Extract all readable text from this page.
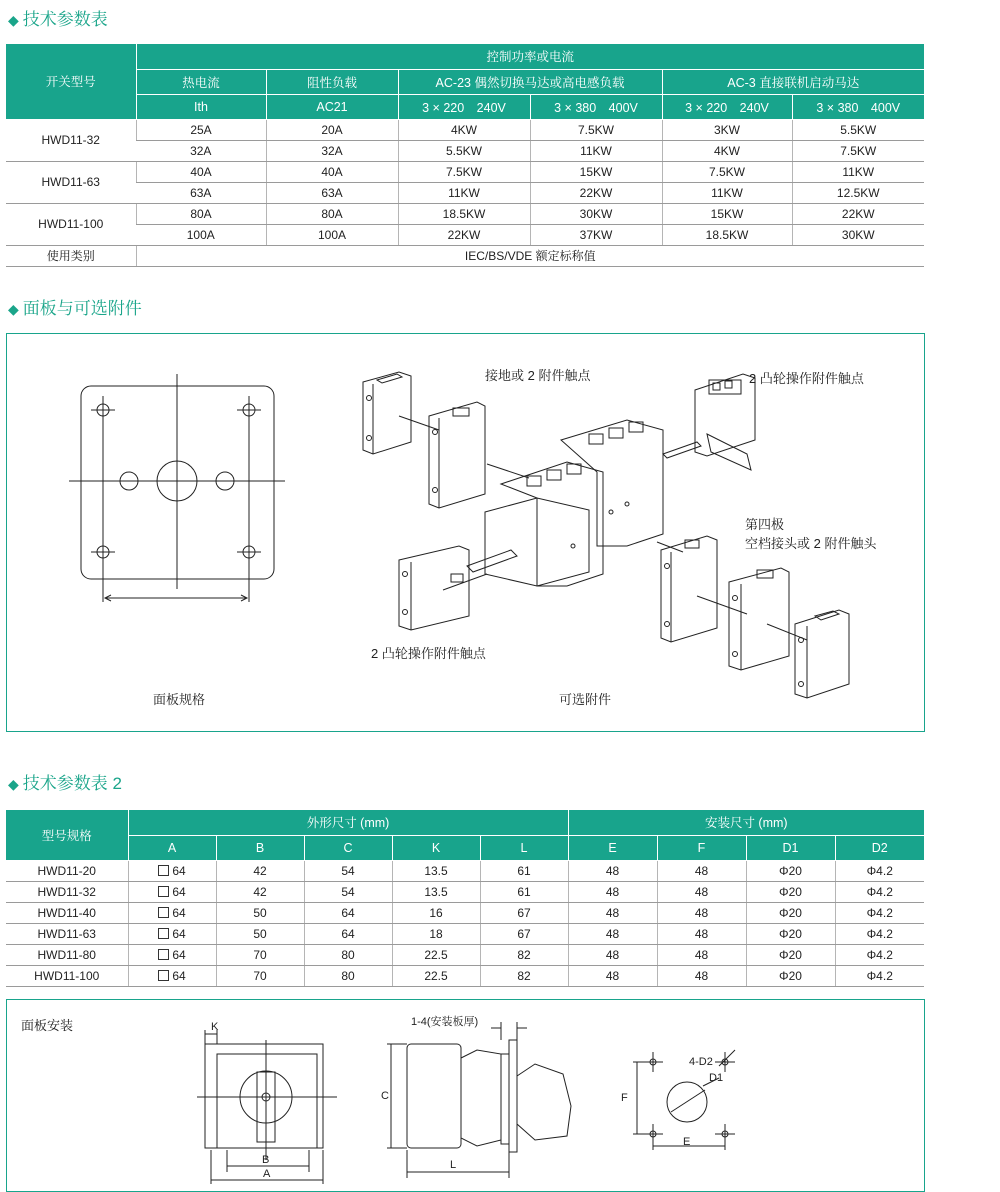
◆ 技术参数表
开关型号	控制功率或电流					
	热电流	阻性负载	AC-23 偶然切换马达或高电感负载		AC-3 直接联机启动马达	
	Ith	AC21	3 × 220　240V	3 × 380　400V	3 × 220　240V	3 × 380　400V
HWD11-32	25A	20A	4KW	7.5KW	3KW	5.5KW
	32A	32A	5.5KW	11KW	4KW	7.5KW
HWD11-63	40A	40A	7.5KW	15KW	7.5KW	11KW
	63A	63A	11KW	22KW	11KW	12.5KW
HWD11-100	80A	80A	18.5KW	30KW	15KW	22KW
	100A	100A	22KW	37KW	18.5KW	30KW
使用类别	IEC/BS/VDE 额定标称值					
◆ 面板与可选附件
接地或 2 附件触点	2 凸轮操作附件触点
第四极
空档接头或 2 附件触头
2 凸轮操作附件触点
面板规格	可选附件
◆ 技术参数表 2
型号规格	外形尺寸 (mm)					安装尺寸 (mm)			
	A	B	C	K	L	E	F	D1	D2
HWD11-20	64	42	54	13.5	61	48	48	Φ20	Φ4.2
HWD11-32	64	42	54	13.5	61	48	48	Φ20	Φ4.2
HWD11-40	64	50	64	16	67	48	48	Φ20	Φ4.2
HWD11-63	64	50	64	18	67	48	48	Φ20	Φ4.2
HWD11-80	64	70	80	22.5	82	48	48	Φ20	Φ4.2
HWD11-100	64	70	80	22.5	82	48	48	Φ20	Φ4.2
面板安装	K
B
A
C
L
1-4(安装板厚)
F
E
4-D2
D1
